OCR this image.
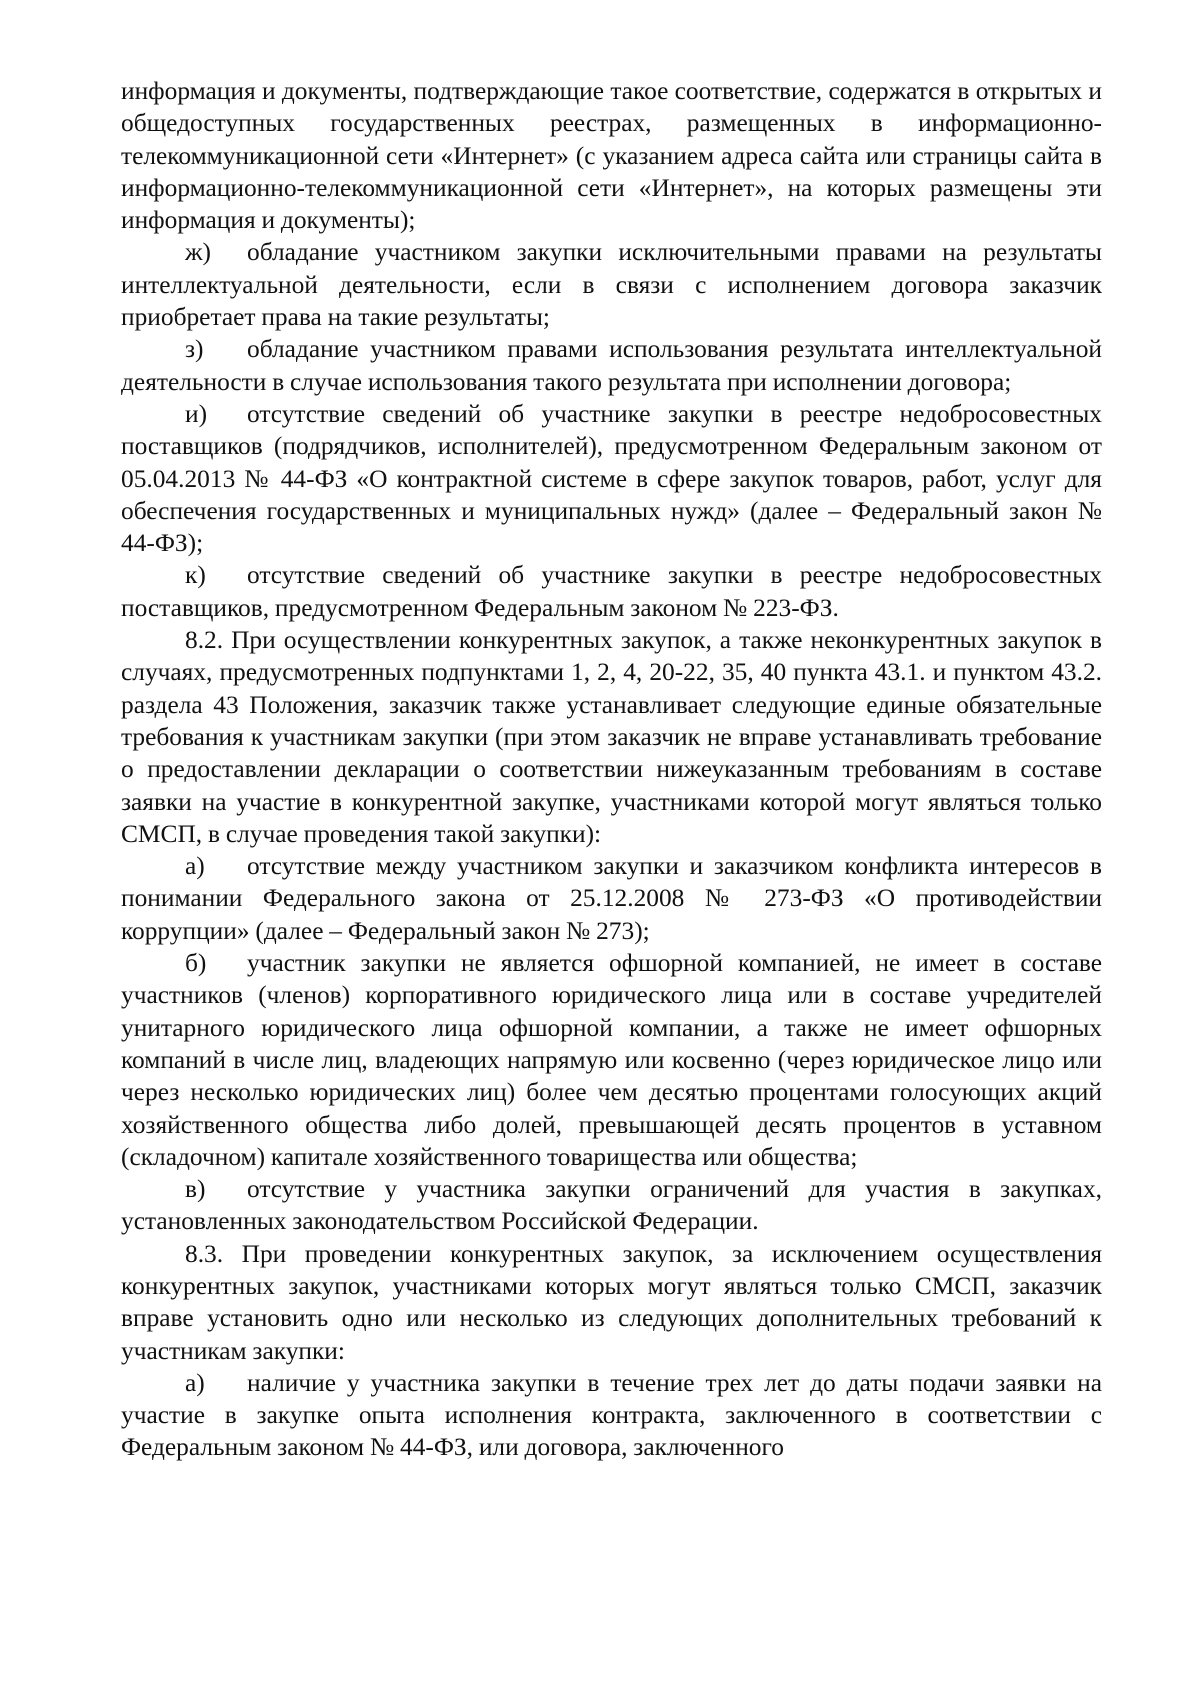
информация и документы, подтверждающие такое соответствие, содержатся в открытых и общедоступных государственных реестрах, размещенных в информационно-телекоммуникационной сети «Интернет» (с указанием адреса сайта или страницы сайта в информационно-телекоммуникационной сети «Интернет», на которых размещены эти информация и документы);

ж) обладание участником закупки исключительными правами на результаты интеллектуальной деятельности, если в связи с исполнением договора заказчик приобретает права на такие результаты;

з) обладание участником правами использования результата интеллектуальной деятельности в случае использования такого результата при исполнении договора;

и) отсутствие сведений об участнике закупки в реестре недобросовестных поставщиков (подрядчиков, исполнителей), предусмотренном Федеральным законом от 05.04.2013 № 44-ФЗ «О контрактной системе в сфере закупок товаров, работ, услуг для обеспечения государственных и муниципальных нужд» (далее – Федеральный закон № 44-ФЗ);

к) отсутствие сведений об участнике закупки в реестре недобросовестных поставщиков, предусмотренном Федеральным законом № 223-ФЗ.

8.2. При осуществлении конкурентных закупок, а также неконкурентных закупок в случаях, предусмотренных подпунктами 1, 2, 4, 20-22, 35, 40 пункта 43.1. и пунктом 43.2. раздела 43 Положения, заказчик также устанавливает следующие единые обязательные требования к участникам закупки (при этом заказчик не вправе устанавливать требование о предоставлении декларации о соответствии нижеуказанным требованиям в составе заявки на участие в конкурентной закупке, участниками которой могут являться только СМСП, в случае проведения такой закупки):

а) отсутствие между участником закупки и заказчиком конфликта интересов в понимании Федерального закона от 25.12.2008 № 273-ФЗ «О противодействии коррупции» (далее – Федеральный закон № 273);

б) участник закупки не является офшорной компанией, не имеет в составе участников (членов) корпоративного юридического лица или в составе учредителей унитарного юридического лица офшорной компании, а также не имеет офшорных компаний в числе лиц, владеющих напрямую или косвенно (через юридическое лицо или через несколько юридических лиц) более чем десятью процентами голосующих акций хозяйственного общества либо долей, превышающей десять процентов в уставном (складочном) капитале хозяйственного товарищества или общества;

в) отсутствие у участника закупки ограничений для участия в закупках, установленных законодательством Российской Федерации.

8.3. При проведении конкурентных закупок, за исключением осуществления конкурентных закупок, участниками которых могут являться только СМСП, заказчик вправе установить одно или несколько из следующих дополнительных требований к участникам закупки:

а) наличие у участника закупки в течение трех лет до даты подачи заявки на участие в закупке опыта исполнения контракта, заключенного в соответствии с Федеральным законом № 44-ФЗ, или договора, заключенного
